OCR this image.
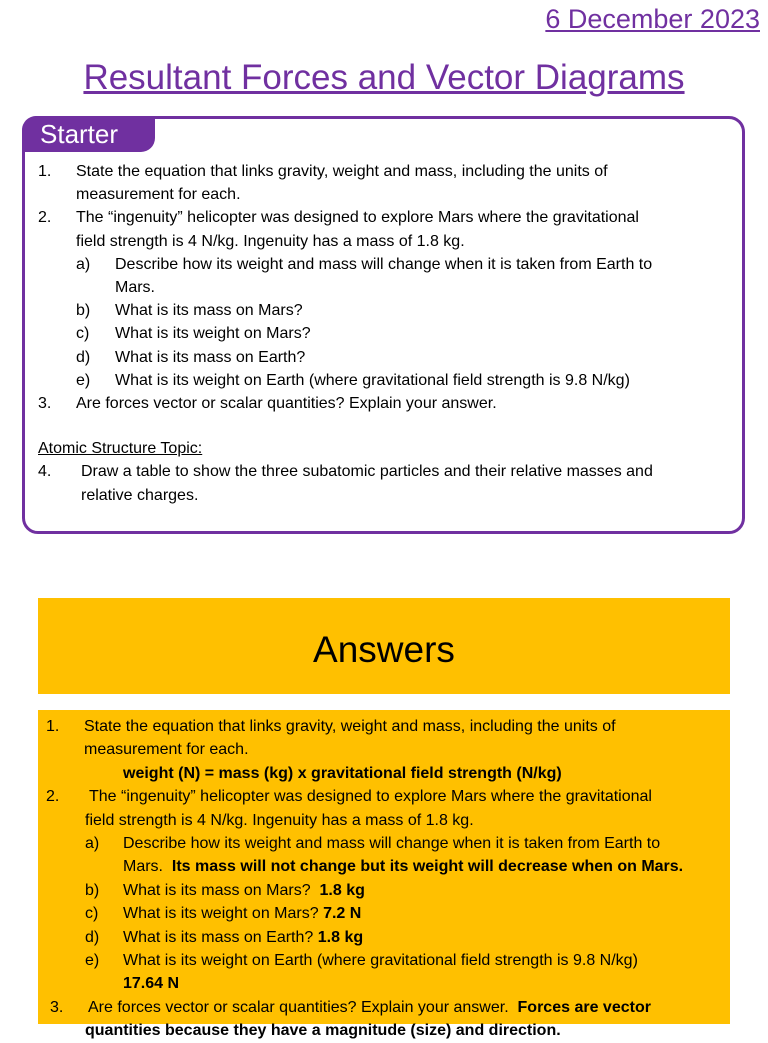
6 December 2023
Resultant Forces and Vector Diagrams
Starter
1.	State the equation that links gravity, weight and mass, including the units of
measurement for each.
2.	The “ingenuity” helicopter was designed to explore Mars where the gravitational
field strength is 4 N/kg. Ingenuity has a mass of 1.8 kg.
a)	Describe how its weight and mass will change when it is taken from Earth to
Mars.
b)	What is its mass on Mars?
c)	What is its weight on Mars?
d)	What is its mass on Earth?
e)	What is its weight on Earth (where gravitational field strength is 9.8 N/kg)
3.	Are forces vector or scalar quantities? Explain your answer.
Atomic Structure Topic:
4.	Draw a table to show the three subatomic particles and their relative masses and
relative charges.
Answers
1.	State the equation that links gravity, weight and mass, including the units of
measurement for each.
weight (N) = mass (kg) x gravitational field strength (N/kg)
2.	The “ingenuity” helicopter was designed to explore Mars where the gravitational
field strength is 4 N/kg. Ingenuity has a mass of 1.8 kg.
a)	Describe how its weight and mass will change when it is taken from Earth to
Mars. Its mass will not change but its weight will decrease when on Mars.
b)	What is its mass on Mars? 1.8 kg
c)	What is its weight on Mars? 7.2 N
d)	What is its mass on Earth? 1.8 kg
e)	What is its weight on Earth (where gravitational field strength is 9.8 N/kg)
17.64 N
3.	Are forces vector or scalar quantities? Explain your answer. Forces are vector
quantities because they have a magnitude (size) and direction.
